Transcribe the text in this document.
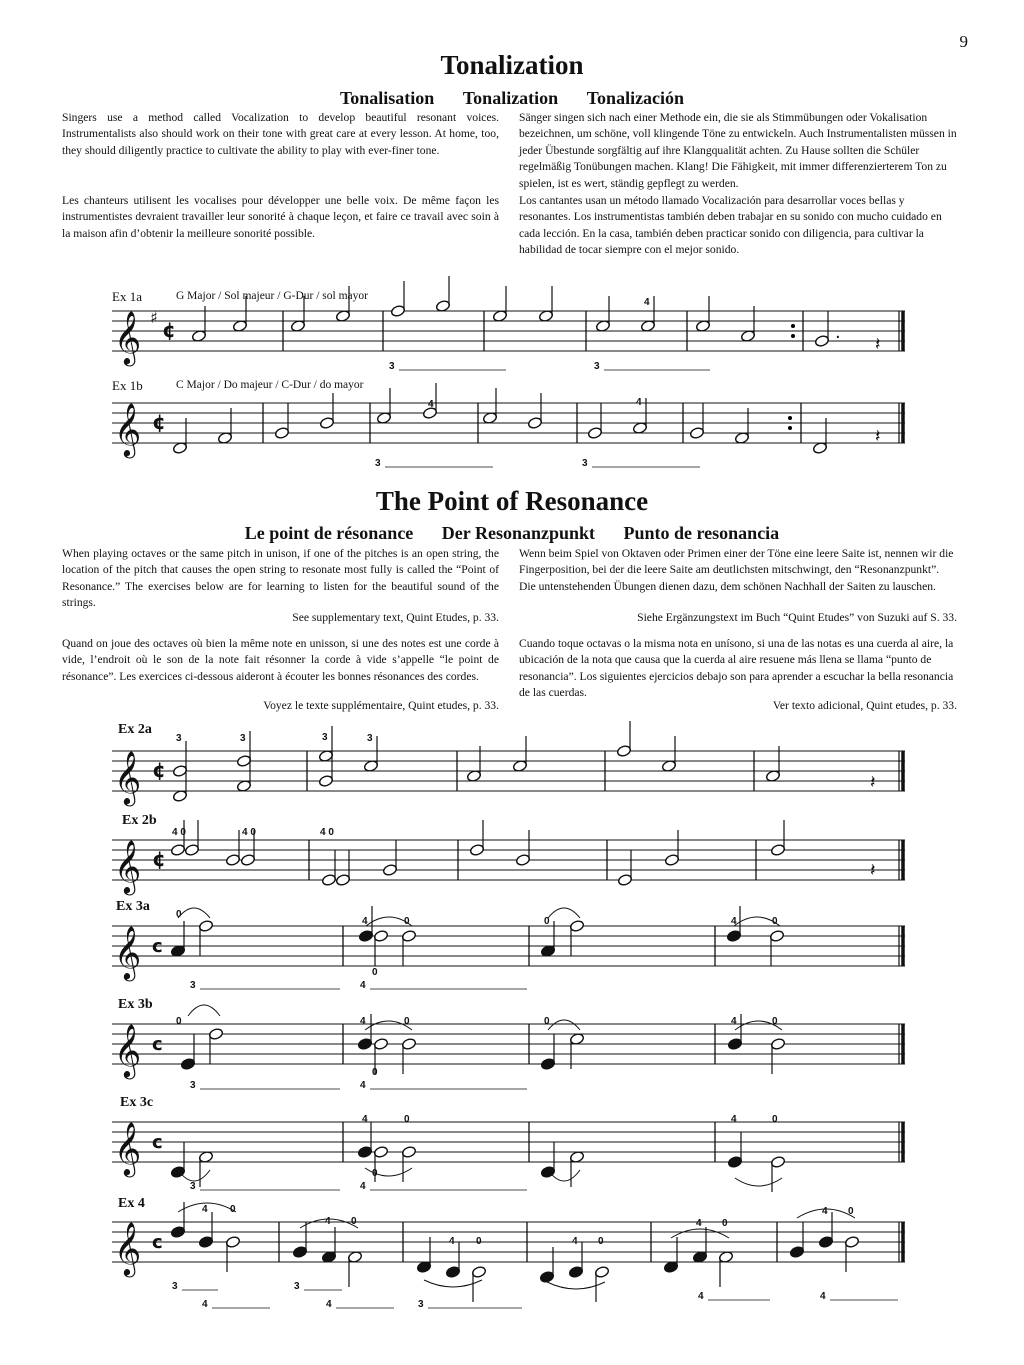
9
Tonalization
Tonalisation Tonalization Tonalización
Singers use a method called Vocalization to develop beautiful resonant voices. Instrumentalists also should work on their tone with great care at every lesson. At home, too, they should diligently practice to cultivate the ability to play with ever-finer tone.
Les chanteurs utilisent les vocalises pour développer une belle voix. De même façon les instrumentistes devraient travailler leur sonorité à chaque leçon, et faire ce travail avec soin à la maison afin d’obtenir la meilleure sonorité possible.
Sänger singen sich nach einer Methode ein, die sie als Stimmübungen oder Vokalisation bezeichnen, um schöne, voll klingende Töne zu entwickeln. Auch Instrumentalisten müssen in jeder Übestunde sorgfältig auf ihre Klangqualität achten. Zu Hause sollten die Schüler regelmäßig Tonübungen machen. Klang! Die Fähigkeit, mit immer differenzierterem Ton zu spielen, ist es wert, ständig gepflegt zu werden.
Los cantantes usan un método llamado Vocalización para desarrollar voces bellas y resonantes. Los instrumentistas también deben trabajar en su sonido con mucho cuidado en cada lección. En la casa, también deben practicar sonido con diligencia, para cultivar la habilidad de tocar siempre con el mejor sonido.
The Point of Resonance
Le point de résonance Der Resonanzpunkt Punto de resonancia
When playing octaves or the same pitch in unison, if one of the pitches is an open string, the location of the pitch that causes the open string to resonate most fully is called the “Point of Resonance.” The exercises below are for learning to listen for the beautiful sound of the strings.
See supplementary text, Quint Etudes, p. 33.
Quand on joue des octaves où bien la même note en unisson, si une des notes est une corde à vide, l’endroit où le son de la note fait résonner la corde à vide s’appelle “le point de résonance”. Les exercices ci-dessous aideront à écouter les bonnes résonances des cordes.
Voyez le texte supplémentaire, Quint etudes, p. 33.
Wenn beim Spiel von Oktaven oder Primen einer der Töne eine leere Saite ist, nennen wir die Fingerposition, bei der die leere Saite am deutlichsten mitschwingt, den “Resonanzpunkt”. Die untenstehenden Übungen dienen dazu, dem schönen Nachhall der Saiten zu lauschen.
Siehe Ergänzungstext im Buch “Quint Etudes” von Suzuki auf S. 33.
Cuando toque octavas o la misma nota en unísono, si una de las notas es una cuerda al aire, la ubicación de la nota que causa que la cuerda al aire resuene más llena se llama “punto de resonancia”. Los siguientes ejercicios debajo son para aprender a escuchar la bella resonancia de las cuerdas.
Ver texto adicional, Quint etudes, p. 33.
Ex 1a	G Major / Sol majeur / G-Dur / sol mayor
Ex 1b	C Major / Do majeur / C-Dur / do mayor
Ex 2a
Ex 2b
Ex 3a
Ex 3b
Ex 3c
Ex 4
𝄞 ♯
¢	.
𝄽
4
3	3
𝄞 ¢
𝄽
4	4
3	3
𝄞 ¢
3	3	3	3
𝄽
𝄞 ¢
4 0	4 0	4 0
𝄽
𝄞 c
0
4	0	0	4	0
3	4
0
𝄞 c
0	4	0	0	4	0
3	4
0
𝄞 c
4	0	4	0
3	4
0
𝄞 c
4 0
4 0
4 0	4 0
4 0
4 0
3
4
3
4	3
4	4
